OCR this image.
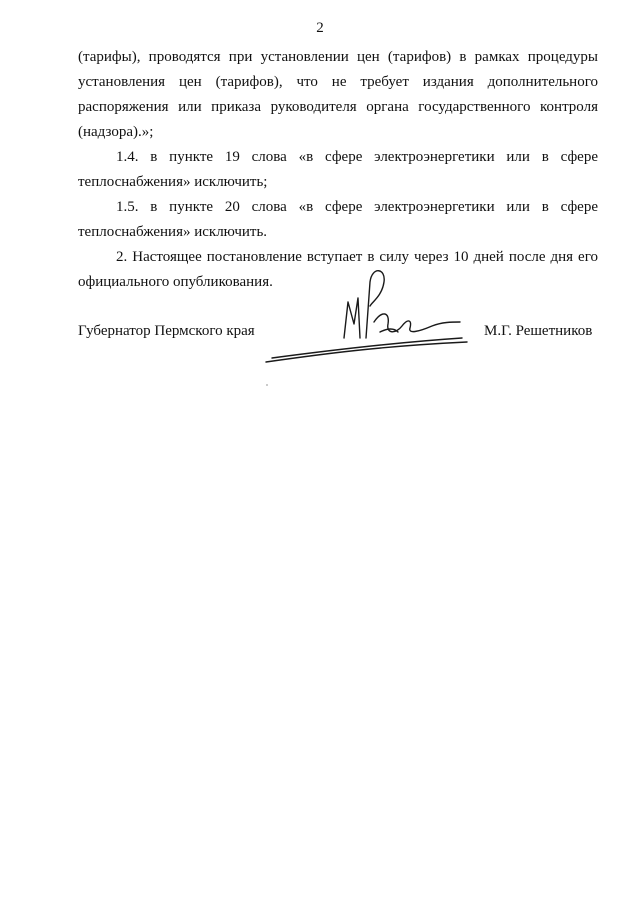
2

(тарифы), проводятся при установлении цен (тарифов) в рамках процедуры установления цен (тарифов), что не требует издания дополнительного распоряжения или приказа руководителя органа государственного контроля (надзора).»;

1.4. в пункте 19 слова «в сфере электроэнергетики или в сфере теплоснабжения» исключить;

1.5. в пункте 20 слова «в сфере электроэнергетики или в сфере теплоснабжения» исключить.

2. Настоящее постановление вступает в силу через 10 дней после дня его официального опубликования.

Губернатор Пермского края	М.Г. Решетников
